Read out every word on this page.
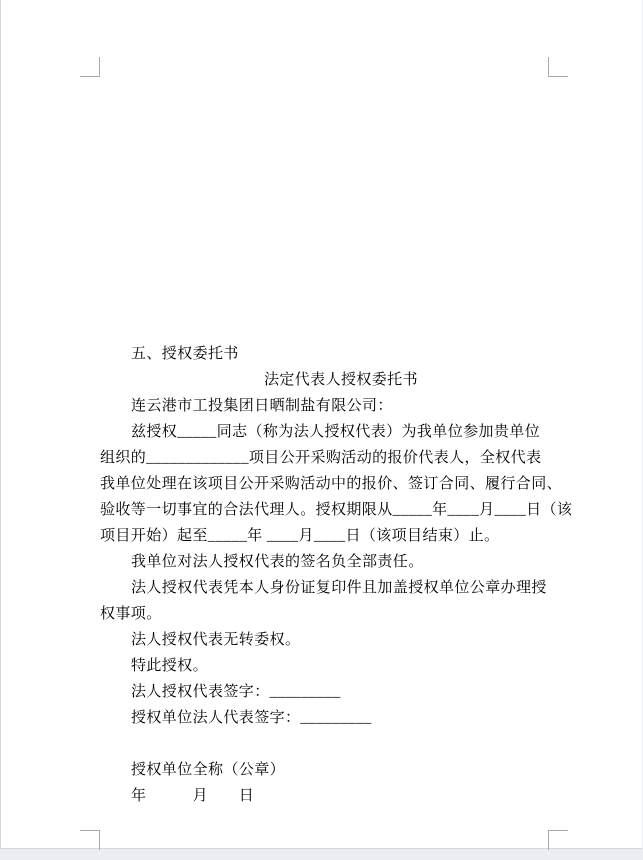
五、授权委托书
法定代表人授权委托书
连云港市工投集团日晒制盐有限公司：
兹授权_____同志（称为法人授权代表）为我单位参加贵单位
组织的_____________项目公开采购活动的报价代表人，全权代表
我单位处理在该项目公开采购活动中的报价、签订合同、履行合同、
验收等一切事宜的合法代理人。授权期限从_____年____月____日（该
项目开始）起至_____年 ____月____日（该项目结束）止。
我单位对法人授权代表的签名负全部责任。
法人授权代表凭本人身份证复印件且加盖授权单位公章办理授
权事项。
法人授权代表无转委权。
特此授权。
法人授权代表签字：_________
授权单位法人代表签字：_________
授权单位全称（公章）
年　　　月　　日
